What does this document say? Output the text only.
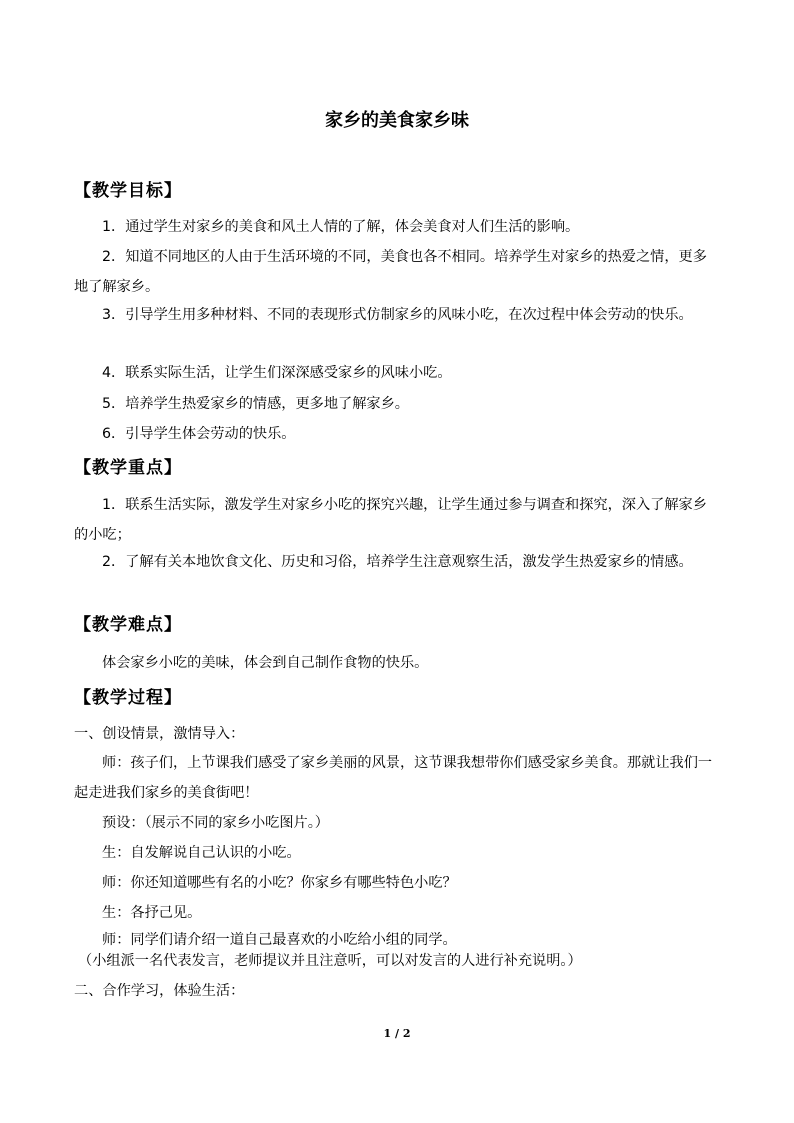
家乡的美食家乡味
【教学目标】

1．通过学生对家乡的美食和风土人情的了解，体会美食对人们生活的影响。

2．知道不同地区的人由于生活环境的不同，美食也各不相同。培养学生对家乡的热爱之情，更多地了解家乡。

3．引导学生用多种材料、不同的表现形式仿制家乡的风味小吃，在次过程中体会劳动的快乐。

4．联系实际生活，让学生们深深感受家乡的风味小吃。

5．培养学生热爱家乡的情感，更多地了解家乡。

6．引导学生体会劳动的快乐。

【教学重点】

1．联系生活实际，激发学生对家乡小吃的探究兴趣，让学生通过参与调查和探究，深入了解家乡的小吃；

2．了解有关本地饮食文化、历史和习俗，培养学生注意观察生活，激发学生热爱家乡的情感。

【教学难点】

体会家乡小吃的美味，体会到自己制作食物的快乐。

【教学过程】

一、创设情景，激情导入：

师：孩子们，上节课我们感受了家乡美丽的风景，这节课我想带你们感受家乡美食。那就让我们一起走进我们家乡的美食街吧！

预设：（展示不同的家乡小吃图片。）

生：自发解说自己认识的小吃。

师：你还知道哪些有名的小吃？你家乡有哪些特色小吃？

生：各抒己见。

师：同学们请介绍一道自己最喜欢的小吃给小组的同学。

（小组派一名代表发言，老师提议并且注意听，可以对发言的人进行补充说明。）

二、合作学习，体验生活：

1 / 2
